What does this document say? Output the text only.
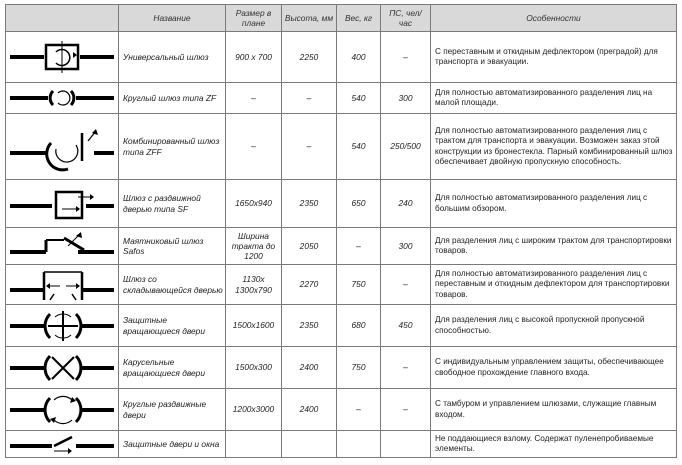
	Название	Размер в плане	Высота, мм	Вес, кг	ПС, чел/час	Особенности

	Универсальный шлюз	900 х 700	2250	400	–	С переставным и откидным дефлектором (преградой) для транспорта и эвакуации.

	Круглый шлюз типа ZF	–	–	540	300	Для полностью автоматизированного разделения лиц на малой площади.

	Комбинированный шлюз типа ZFF	–	–	540	250/500	Для полностью автоматизированного разделения лиц с трактом для транспорта и эвакуации. Возможен заказ этой конструкции из бронестекла. Парный комбинированный шлюз обеспечивает двойную пропускную способность.

	Шлюз с раздвижной дверью типа SF	1650х940	2350	650	240	Для полностью автоматизированного разделения лиц с большим обзором.

	Маятниковый шлюз Safos	Ширина тракта до 1200	2050	–	300	Для разделения лиц с широким трактом для транспортировки товаров.

	Шлюз со складывающейся дверью	1130х 1300х790	2270	750	–	Для полностью автоматизированного разделения лиц с переставным и откидным дефлектором для транспортировки товаров.

	Защитные вращающиеся двери	1500х1600	2350	680	450	Для разделения лиц с высокой пропускной пропускной способностью.

	Карусельные вращающиеся двери	1500х300	2400	750	–	С индивидуальным управлением защиты, обеспечивающее свободное прохождение главного входа.

	Круглые раздвижные двери	1200х3000	2400	–	–	С тамбуром и управлением шлюзами, служащие главным входом.

	Защитные двери и окна					Не поддающиеся взлому. Содержат пуленепробиваемые элементы.
